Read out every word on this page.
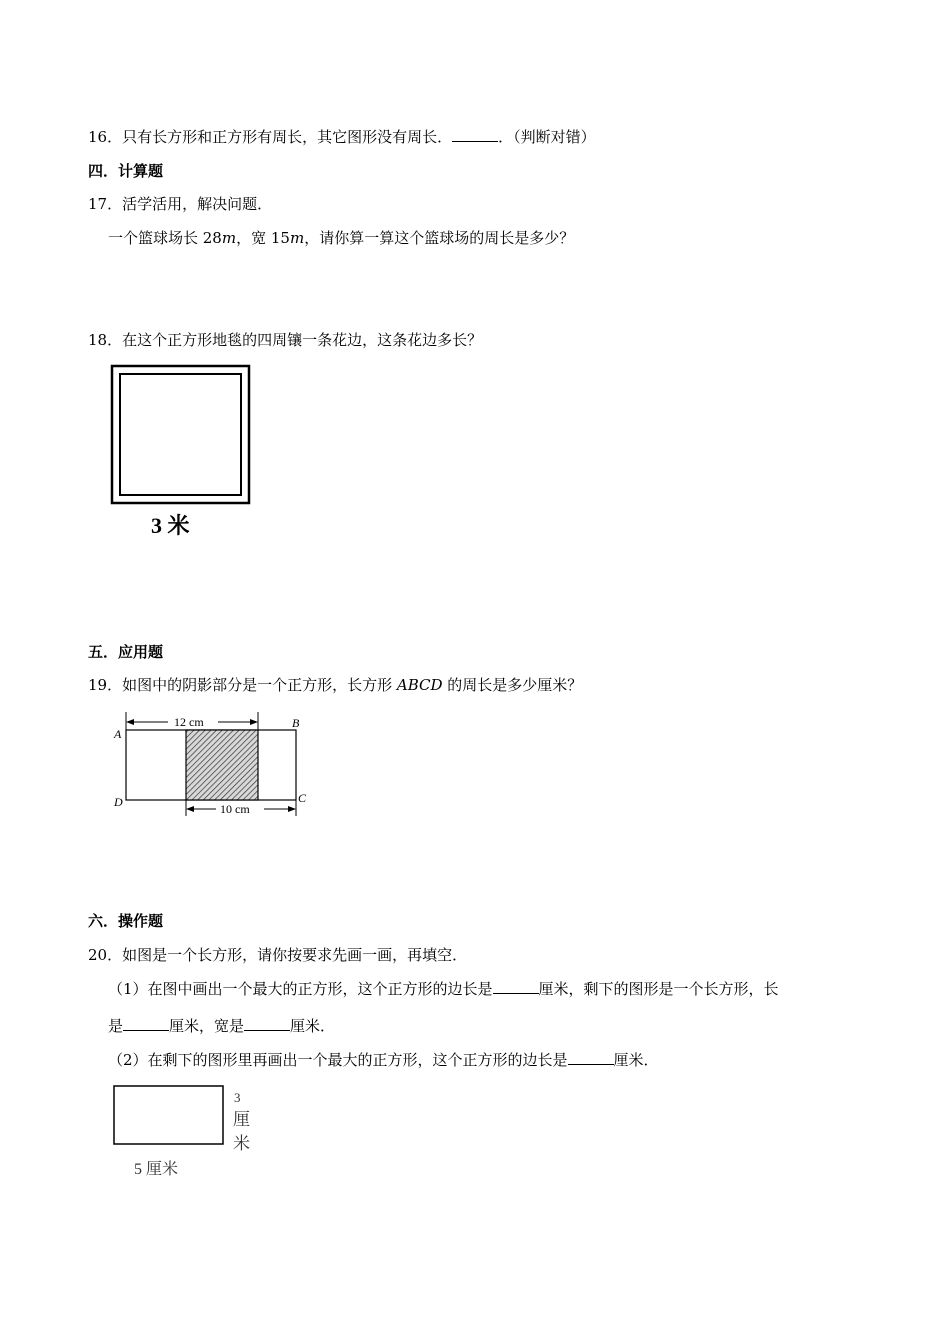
16．只有长方形和正方形有周长，其它图形没有周长．	．（判断对错）
四．计算题
17．活学活用，解决问题．
一个篮球场长 28m，宽 15m，请你算一算这个篮球场的周长是多少？
18．在这个正方形地毯的四周镶一条花边，这条花边多长？
3 米
五．应用题
19．如图中的阴影部分是一个正方形，长方形 ABCD 的周长是多少厘米？
12 cm
10 cm
A
B
C
D
六．操作题
20．如图是一个长方形，请你按要求先画一画，再填空．
（1）在图中画出一个最大的正方形，这个正方形的边长是	厘米，剩下的图形是一个长方形，长
是	厘米，宽是	厘米．
（2）在剩下的图形里再画出一个最大的正方形，这个正方形的边长是	厘米．
3
厘
米
5 厘米
